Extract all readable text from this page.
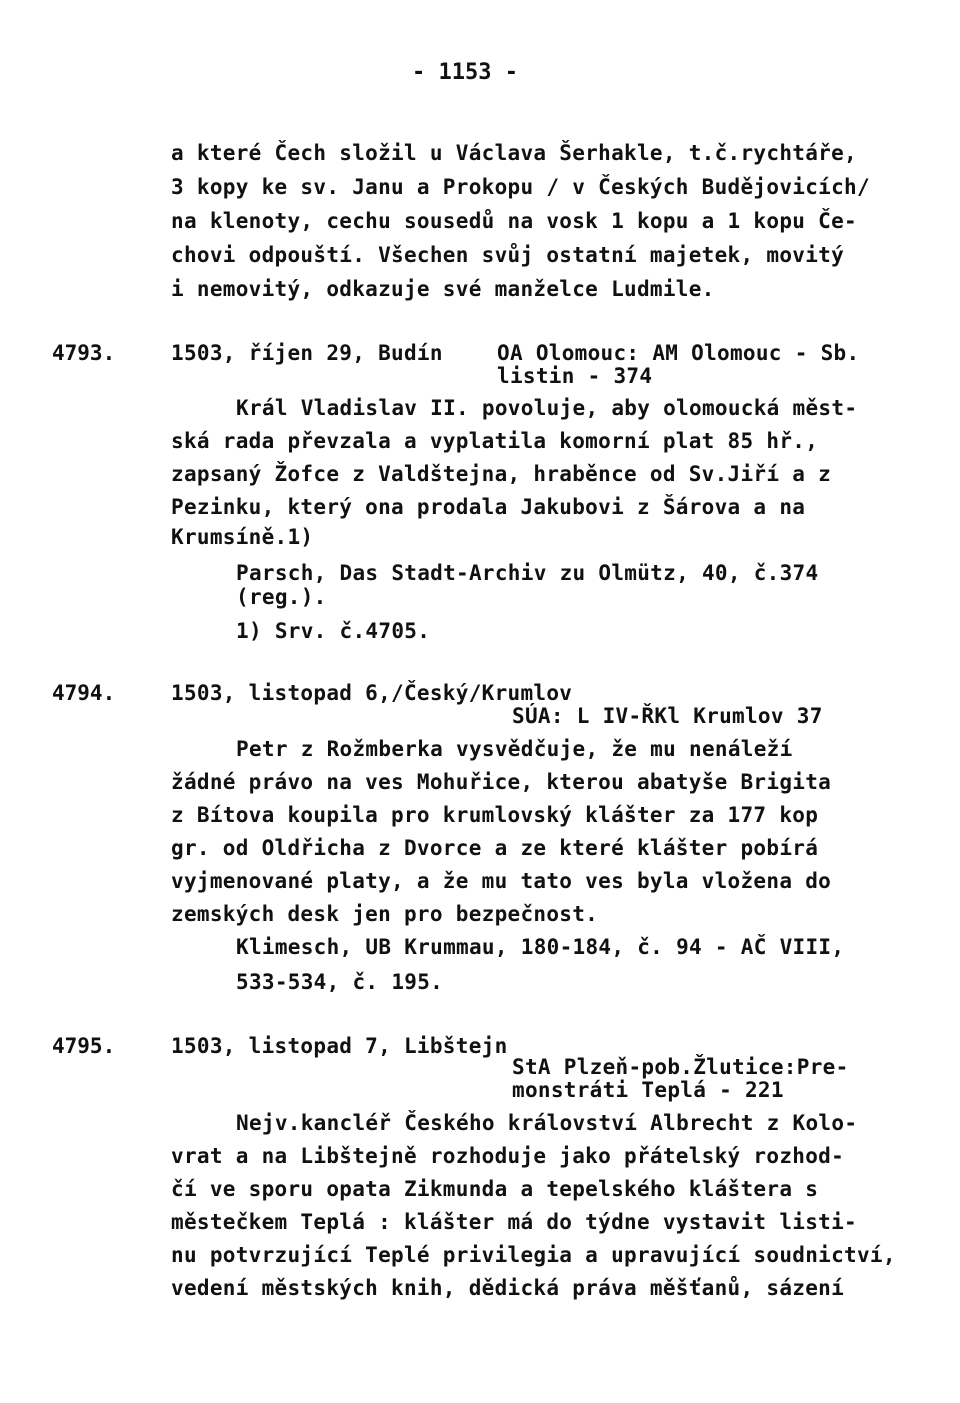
- 1153 -
a které Čech složil u Václava Šerhakle, t.č.rychtáře,
3 kopy ke sv. Janu a Prokopu / v Českých Budějovicích/
na klenoty, cechu sousedů na vosk 1 kopu a 1 kopu Če-
chovi odpouští. Všechen svůj ostatní majetek, movitý
i nemovitý, odkazuje své manželce Ludmile.
4793.	1503, říjen 29, Budín	OA Olomouc: AM Olomouc - Sb.
listin - 374
Král Vladislav II. povoluje, aby olomoucká měst-
ská rada převzala a vyplatila komorní plat 85 hř.,
zapsaný Žofce z Valdštejna, hraběnce od Sv.Jiří a z
Pezinku, který ona prodala Jakubovi z Šárova a na
Krumsíně.1)
Parsch, Das Stadt-Archiv zu Olmütz, 40, č.374
(reg.).
1) Srv. č.4705.
4794.	1503, listopad 6,/Český/Krumlov
SÚA: L IV-ŘKl Krumlov 37
Petr z Rožmberka vysvědčuje, že mu nenáleží
žádné právo na ves Mohuřice, kterou abatyše Brigita
z Bítova koupila pro krumlovský klášter za 177 kop
gr. od Oldřicha z Dvorce a ze které klášter pobírá
vyjmenované platy, a že mu tato ves byla vložena do
zemských desk jen pro bezpečnost.
Klimesch, UB Krummau, 180-184, č. 94 - AČ VIII,
533-534, č. 195.
4795.	1503, listopad 7, Libštejn
StA Plzeň-pob.Žlutice:Pre-
monstráti Teplá - 221
Nejv.kancléř Českého království Albrecht z Kolo-
vrat a na Libštejně rozhoduje jako přátelský rozhod-
čí ve sporu opata Zikmunda a tepelského kláštera s
městečkem Teplá : klášter má do týdne vystavit listi-
nu potvrzující Teplé privilegia a upravující soudnictví,
vedení městských knih, dědická práva měšťanů, sázení
